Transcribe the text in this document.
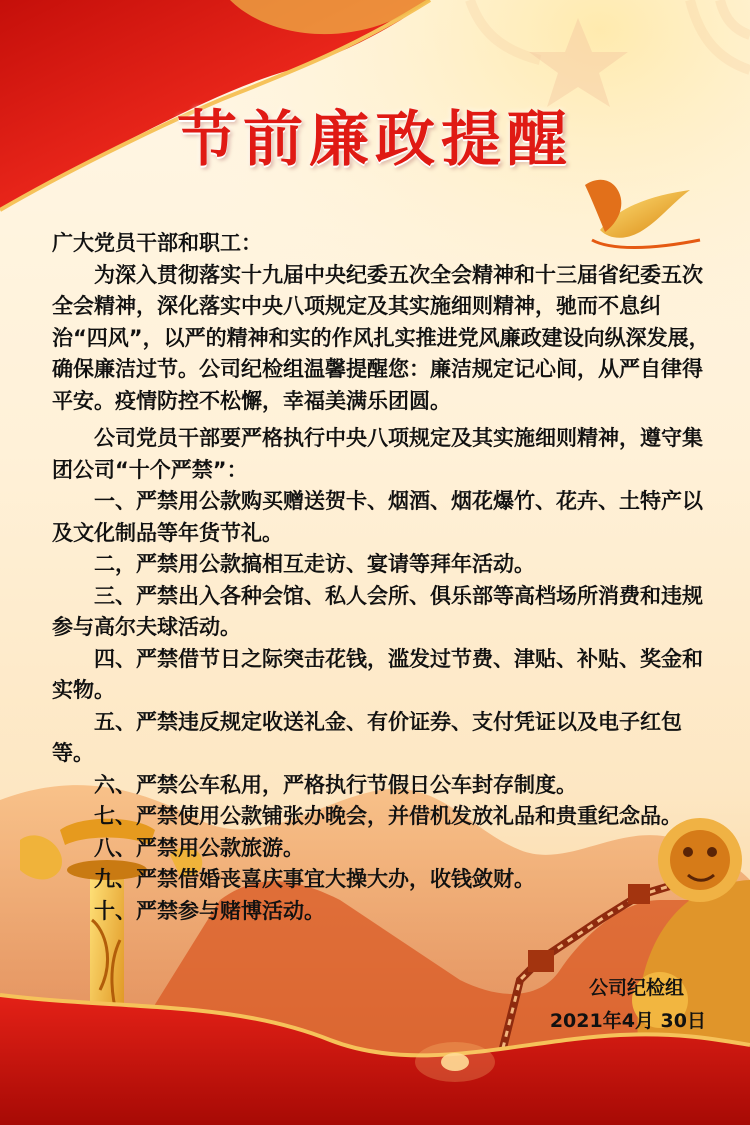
节前廉政提醒

广大党员干部和职工：

为深入贯彻落实十九届中央纪委五次全会精神和十三届省纪委五次全会精神，深化落实中央八项规定及其实施细则精神，驰而不息纠治“四风”，以严的精神和实的作风扎实推进党风廉政建设向纵深发展，确保廉洁过节。公司纪检组温馨提醒您：廉洁规定记心间，从严自律得平安。疫情防控不松懈，幸福美满乐团圆。

公司党员干部要严格执行中央八项规定及其实施细则精神，遵守集团公司“十个严禁”：

一、严禁用公款购买赠送贺卡、烟酒、烟花爆竹、花卉、土特产以及文化制品等年货节礼。

二，严禁用公款搞相互走访、宴请等拜年活动。

三、严禁出入各种会馆、私人会所、俱乐部等高档场所消费和违规参与高尔夫球活动。

四、严禁借节日之际突击花钱，滥发过节费、津贴、补贴、奖金和实物。

五、严禁违反规定收送礼金、有价证券、支付凭证以及电子红包等。

六、严禁公车私用，严格执行节假日公车封存制度。

七、严禁使用公款铺张办晚会，并借机发放礼品和贵重纪念品。

八、严禁用公款旅游。

九、严禁借婚丧喜庆事宜大操大办，收钱敛财。

十、严禁参与赌博活动。

公司纪检组
2021年4月 30日
